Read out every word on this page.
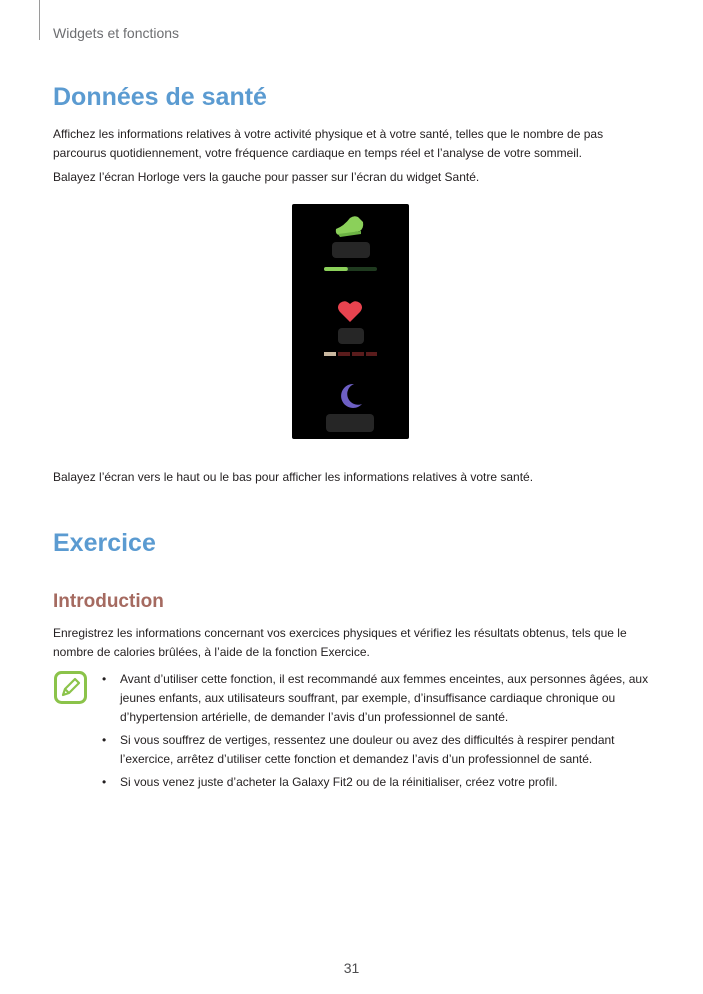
Widgets et fonctions
Données de santé

Affichez les informations relatives à votre activité physique et à votre santé, telles que le nombre de pas parcourus quotidiennement, votre fréquence cardiaque en temps réel et l’analyse de votre sommeil.

Balayez l’écran Horloge vers la gauche pour passer sur l’écran du widget Santé.

Balayez l’écran vers le haut ou le bas pour afficher les informations relatives à votre santé.

Exercice
Introduction

Enregistrez les informations concernant vos exercices physiques et vérifiez les résultats obtenus, tels que le nombre de calories brûlées, à l’aide de la fonction Exercice.

• Avant d’utiliser cette fonction, il est recommandé aux femmes enceintes, aux personnes âgées, aux jeunes enfants, aux utilisateurs souffrant, par exemple, d’insuffisance cardiaque chronique ou d’hypertension artérielle, de demander l’avis d’un professionnel de santé.
• Si vous souffrez de vertiges, ressentez une douleur ou avez des difficultés à respirer pendant l’exercice, arrêtez d’utiliser cette fonction et demandez l’avis d’un professionnel de santé.
• Si vous venez juste d’acheter la Galaxy Fit2 ou de la réinitialiser, créez votre profil.
31
